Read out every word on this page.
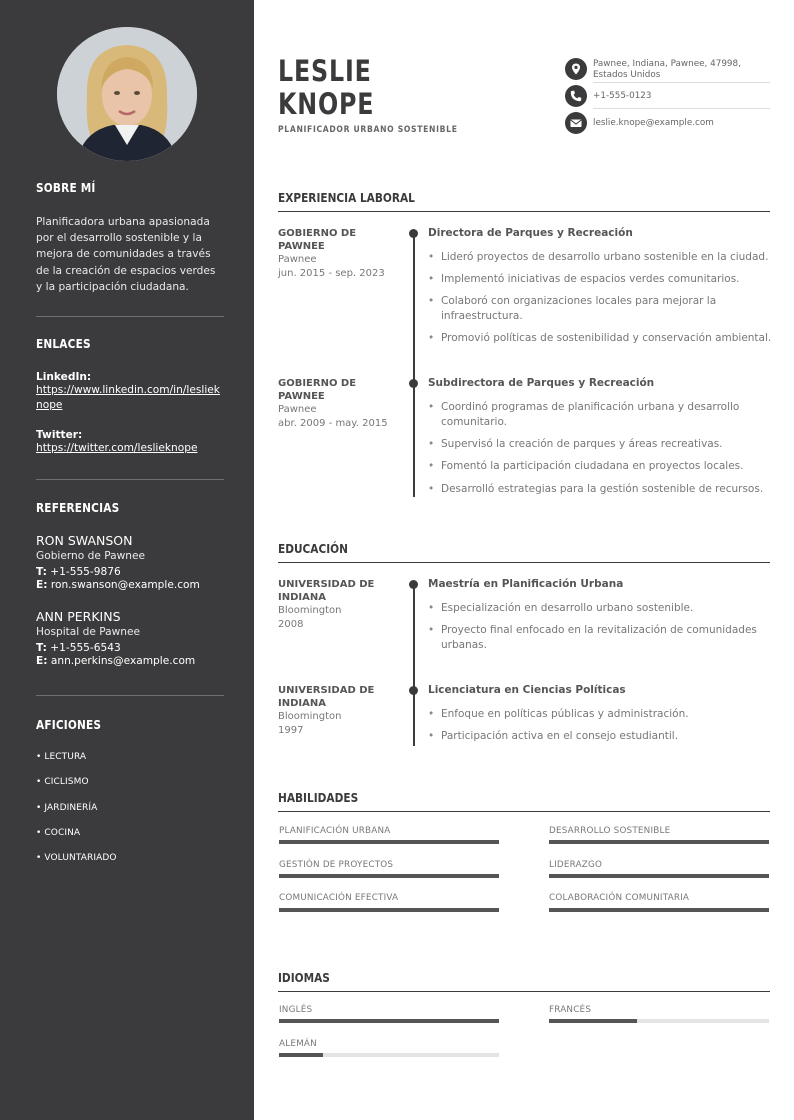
SOBRE MÍ
Planificadora urbana apasionada por el desarrollo sostenible y la mejora de comunidades a través de la creación de espacios verdes y la participación ciudadana.
ENLACES
LinkedIn:
https://www.linkedin.com/in/leslieknope
Twitter:
https://twitter.com/leslieknope
REFERENCIAS
RON SWANSON
Gobierno de Pawnee
T: +1-555-9876
E: ron.swanson@example.com
ANN PERKINS
Hospital de Pawnee
T: +1-555-6543
E: ann.perkins@example.com
AFICIONES
• LECTURA
• CICLISMO
• JARDINERÍA
• COCINA
• VOLUNTARIADO
LESLIE
KNOPE
PLANIFICADOR URBANO SOSTENIBLE
Pawnee, Indiana, Pawnee, 47998, Estados Unidos
+1-555-0123
leslie.knope@example.com
EXPERIENCIA LABORAL
GOBIERNO DE PAWNEE
Pawnee
jun. 2015 - sep. 2023
Directora de Parques y Recreación
• Lideró proyectos de desarrollo urbano sostenible en la ciudad.
• Implementó iniciativas de espacios verdes comunitarios.
• Colaboró con organizaciones locales para mejorar la infraestructura.
• Promovió políticas de sostenibilidad y conservación ambiental.
GOBIERNO DE PAWNEE
Pawnee
abr. 2009 - may. 2015
Subdirectora de Parques y Recreación
• Coordinó programas de planificación urbana y desarrollo comunitario.
• Supervisó la creación de parques y áreas recreativas.
• Fomentó la participación ciudadana en proyectos locales.
• Desarrolló estrategias para la gestión sostenible de recursos.
EDUCACIÓN
UNIVERSIDAD DE INDIANA
Bloomington
2008
Maestría en Planificación Urbana
• Especialización en desarrollo urbano sostenible.
• Proyecto final enfocado en la revitalización de comunidades urbanas.
UNIVERSIDAD DE INDIANA
Bloomington
1997
Licenciatura en Ciencias Políticas
• Enfoque en políticas públicas y administración.
• Participación activa en el consejo estudiantil.
HABILIDADES
PLANIFICACIÓN URBANA	DESARROLLO SOSTENIBLE
GESTIÓN DE PROYECTOS	LIDERAZGO
COMUNICACIÓN EFECTIVA	COLABORACIÓN COMUNITARIA
IDIOMAS
INGLÉS	FRANCÉS
ALEMÁN
